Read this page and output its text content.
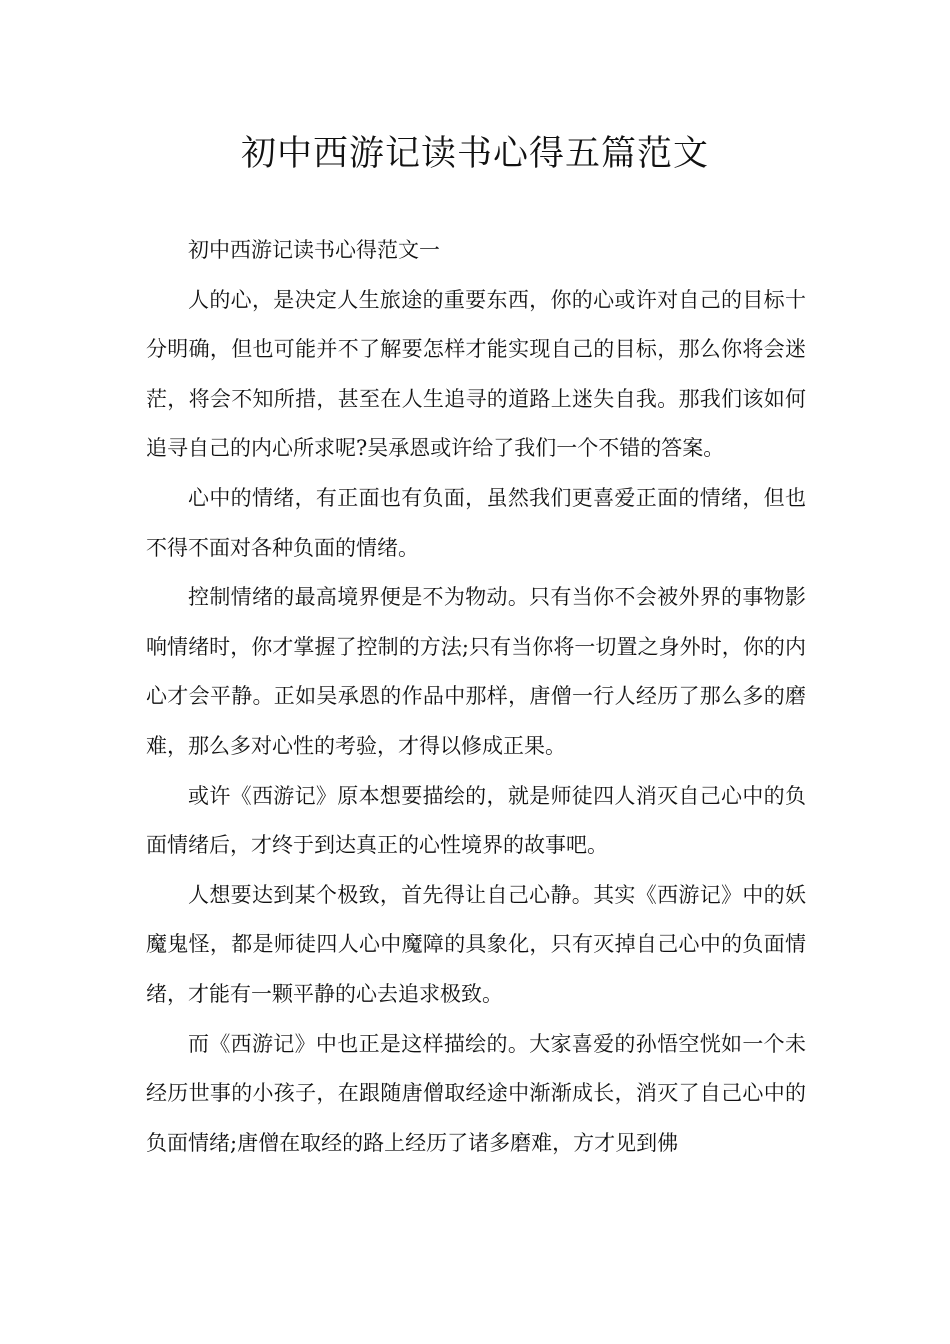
初中西游记读书心得五篇范文

初中西游记读书心得范文一

人的心，是决定人生旅途的重要东西，你的心或许对自己的目标十分明确，但也可能并不了解要怎样才能实现自己的目标，那么你将会迷茫，将会不知所措，甚至在人生追寻的道路上迷失自我。那我们该如何追寻自己的内心所求呢?吴承恩或许给了我们一个不错的答案。

心中的情绪，有正面也有负面，虽然我们更喜爱正面的情绪，但也不得不面对各种负面的情绪。

控制情绪的最高境界便是不为物动。只有当你不会被外界的事物影响情绪时，你才掌握了控制的方法;只有当你将一切置之身外时，你的内心才会平静。正如吴承恩的作品中那样，唐僧一行人经历了那么多的磨难，那么多对心性的考验，才得以修成正果。

或许《西游记》原本想要描绘的，就是师徒四人消灭自己心中的负面情绪后，才终于到达真正的心性境界的故事吧。

人想要达到某个极致，首先得让自己心静。其实《西游记》中的妖魔鬼怪，都是师徒四人心中魔障的具象化，只有灭掉自己心中的负面情绪，才能有一颗平静的心去追求极致。

而《西游记》中也正是这样描绘的。大家喜爱的孙悟空恍如一个未经历世事的小孩子，在跟随唐僧取经途中渐渐成长，消灭了自己心中的负面情绪;唐僧在取经的路上经历了诸多磨难，方才见到佛
